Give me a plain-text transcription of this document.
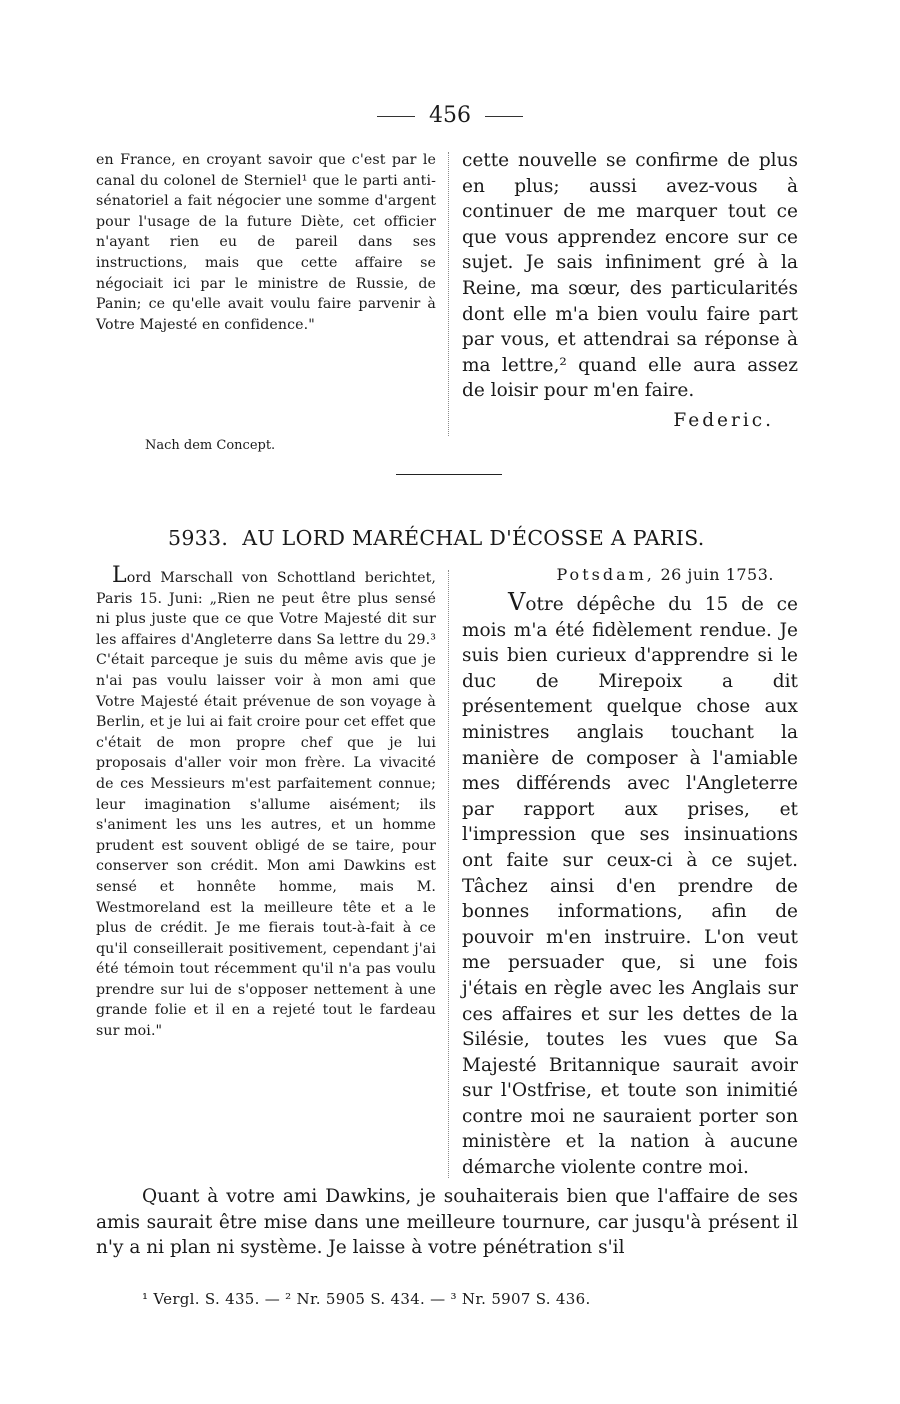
456

en France, en croyant savoir que c'est par le canal du colonel de Sterniel¹ que le parti anti-sénatoriel a fait négocier une somme d'argent pour l'usage de la future Diète, cet officier n'ayant rien eu de pareil dans ses instructions, mais que cette affaire se négociait ici par le ministre de Russie, de Panin; ce qu'elle avait voulu faire parvenir à Votre Majesté en confidence."

cette nouvelle se confirme de plus en plus; aussi avez-vous à continuer de me marquer tout ce que vous apprendez encore sur ce sujet. Je sais infiniment gré à la Reine, ma sœur, des particularités dont elle m'a bien voulu faire part par vous, et attendrai sa réponse à ma lettre,² quand elle aura assez de loisir pour m'en faire.

Federic.
Nach dem Concept.
5933. AU LORD MARÉCHAL D'ÉCOSSE A PARIS.

Lord Marschall von Schottland berichtet, Paris 15. Juni: „Rien ne peut être plus sensé ni plus juste que ce que Votre Majesté dit sur les affaires d'Angleterre dans Sa lettre du 29.³ C'était parceque je suis du même avis que je n'ai pas voulu laisser voir à mon ami que Votre Majesté était prévenue de son voyage à Berlin, et je lui ai fait croire pour cet effet que c'était de mon propre chef que je lui proposais d'aller voir mon frère. La vivacité de ces Messieurs m'est parfaitement connue; leur imagination s'allume aisément; ils s'animent les uns les autres, et un homme prudent est souvent obligé de se taire, pour conserver son crédit. Mon ami Dawkins est sensé et honnête homme, mais M. Westmoreland est la meilleure tête et a le plus de crédit. Je me fierais tout-à-fait à ce qu'il conseillerait positivement, cependant j'ai été témoin tout récemment qu'il n'a pas voulu prendre sur lui de s'opposer nettement à une grande folie et il en a rejeté tout le fardeau sur moi."

Potsdam, 26 juin 1753.

Votre dépêche du 15 de ce mois m'a été fidèlement rendue. Je suis bien curieux d'apprendre si le duc de Mirepoix a dit présentement quelque chose aux ministres anglais touchant la manière de composer à l'amiable mes différends avec l'Angleterre par rapport aux prises, et l'impression que ses insinuations ont faite sur ceux-ci à ce sujet. Tâchez ainsi d'en prendre de bonnes informations, afin de pouvoir m'en instruire. L'on veut me persuader que, si une fois j'étais en règle avec les Anglais sur ces affaires et sur les dettes de la Silésie, toutes les vues que Sa Majesté Britannique saurait avoir sur l'Ostfrise, et toute son inimitié contre moi ne sauraient porter son ministère et la nation à aucune démarche violente contre moi.

Quant à votre ami Dawkins, je souhaiterais bien que l'affaire de ses amis saurait être mise dans une meilleure tournure, car jusqu'à présent il n'y a ni plan ni système. Je laisse à votre pénétration s'il

¹ Vergl. S. 435. — ² Nr. 5905 S. 434. — ³ Nr. 5907 S. 436.
